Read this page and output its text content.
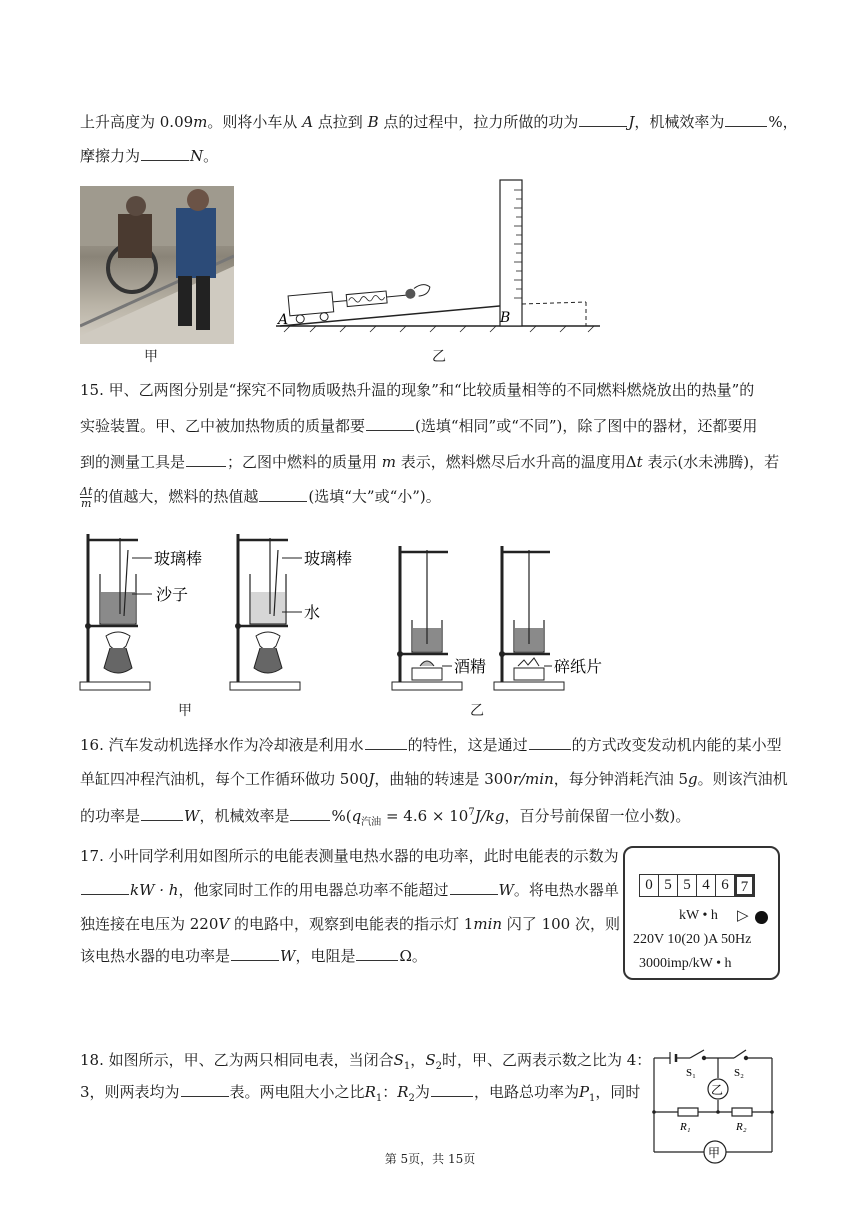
上升高度为 0.09m。则将小车从 A 点拉到 B 点的过程中，拉力所做的功为	J，机械效率为	%，
摩擦力为	N。
甲
A	B
乙
15. 甲、乙两图分别是“探究不同物质吸热升温的现象”和“比较质量相等的不同燃料燃烧放出的热量”的
实验装置。甲、乙中被加热物质的质量都要	(选填“相同”或“不同”)，除了图中的器材，还都要用
到的测量工具是	；乙图中燃料的质量用 m 表示，燃料燃尽后水升高的温度用Δt 表示(水未沸腾)，若
$\frac{\Delta t}{m}$ 的值越大，燃料的热值越	(选填“大”或“小”)。
玻璃棒
沙子
玻璃棒
水
酒精	碎纸片
甲	乙
16. 汽车发动机选择水作为冷却液是利用水	的特性，这是通过	的方式改变发动机内能的某小型
单缸四冲程汽油机，每个工作循环做功 500J，曲轴的转速是 300r/min，每分钟消耗汽油 5g。则该汽油机
的功率是	W，机械效率是	$\%(q_{汽油} = 4.6 \times 10^7J/kg$，百分号前保留一位小数)。
17. 小叶同学利用如图所示的电能表测量电热水器的电功率，此时电能表的示数为
kW · h，他家同时工作的用电器总功率不能超过	W。将电热水器单
独连接在电压为 220V 的电路中，观察到电能表的指示灯 1min 闪了 100 次，则
该电热水器的电功率是	W，电阻是	Ω。
0 5 5 4 6 7
kW • h ▷
220V 10(20 )A 50Hz
3000imp/kW • h
18. 如图所示，甲、乙为两只相同电表，当闭合$S_1$，$S_2$时，甲、乙两表示数之比为 4：
3，则两表均为	表。两电阻大小之比$R_1$：$R_2$为	，电路总功率为$P_1$，同时
S₁	S₂
乙
R₁	R₂
甲
第 5页，共 15页
